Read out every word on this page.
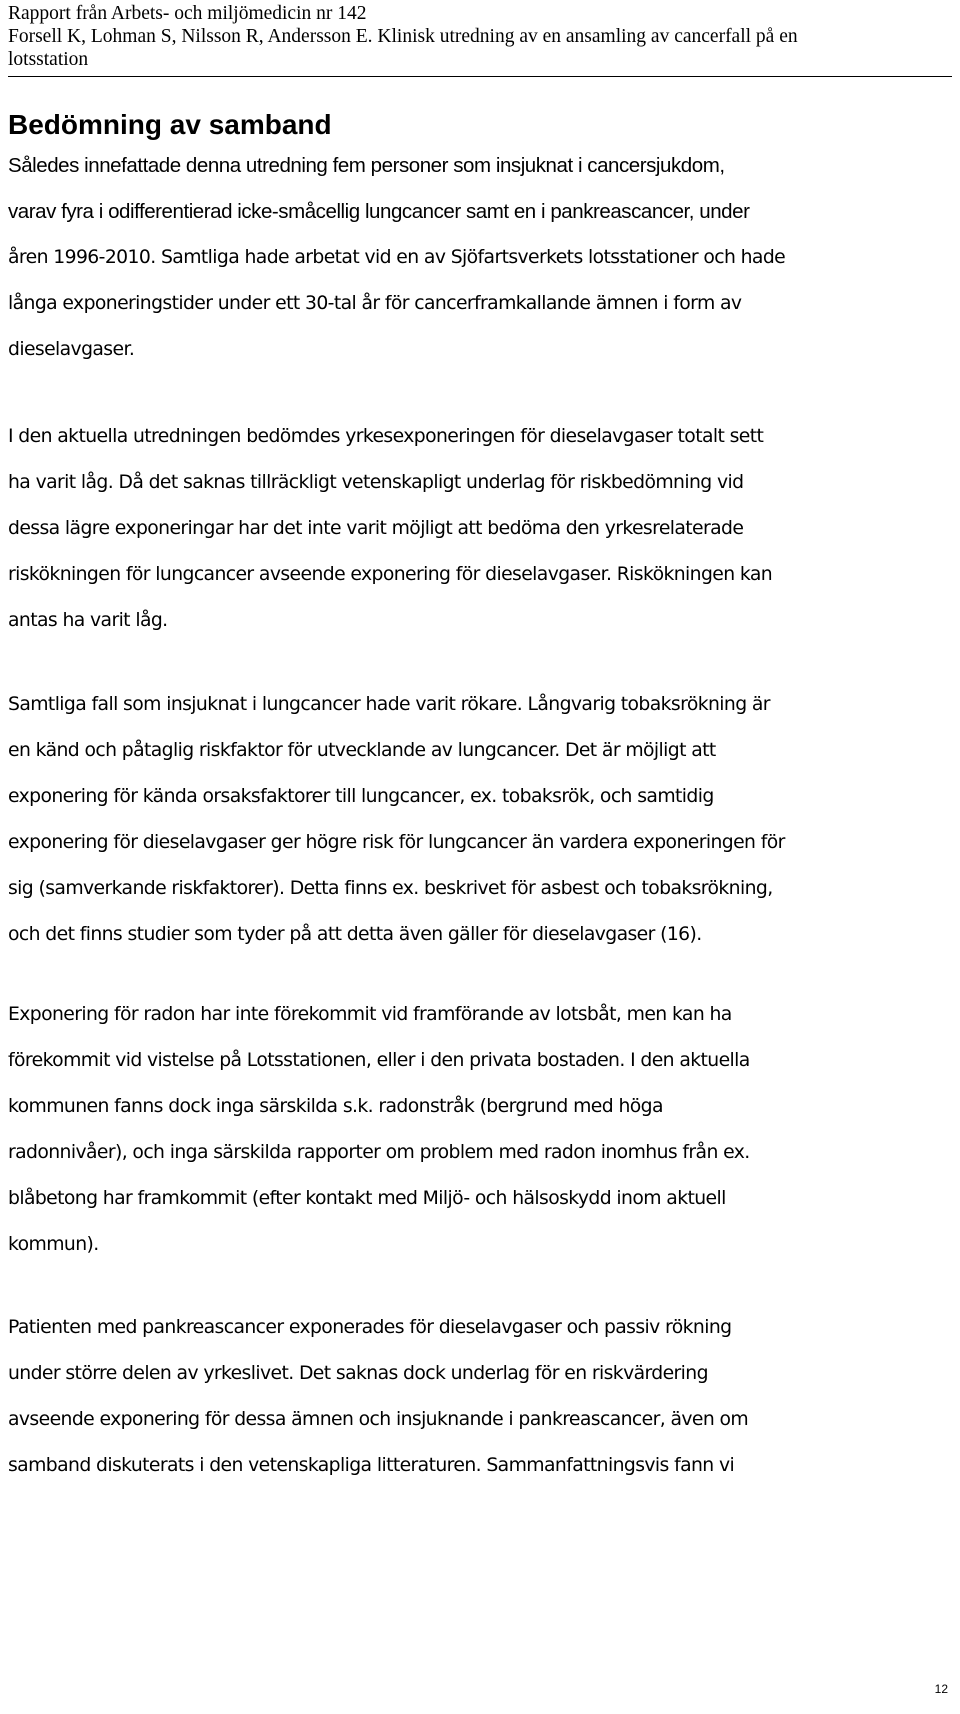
Rapport från Arbets- och miljömedicin nr 142
Forsell K, Lohman S, Nilsson R, Andersson E. Klinisk utredning av en ansamling av cancerfall på en
lotsstation
Bedömning av samband
Således innefattade denna utredning fem personer som insjuknat i cancersjukdom,
varav fyra i odifferentierad icke-småcellig lungcancer samt en i pankreascancer, under
åren 1996-2010. Samtliga hade arbetat vid en av Sjöfartsverkets lotsstationer och hade
långa exponeringstider under ett 30-tal år för cancerframkallande ämnen i form av
dieselavgaser.
I den aktuella utredningen bedömdes yrkesexponeringen för dieselavgaser totalt sett
ha varit låg. Då det saknas tillräckligt vetenskapligt underlag för riskbedömning vid
dessa lägre exponeringar har det inte varit möjligt att bedöma den yrkesrelaterade
riskökningen för lungcancer avseende exponering för dieselavgaser. Riskökningen kan
antas ha varit låg.
Samtliga fall som insjuknat i lungcancer hade varit rökare. Långvarig tobaksrökning är
en känd och påtaglig riskfaktor för utvecklande av lungcancer. Det är möjligt att
exponering för kända orsaksfaktorer till lungcancer, ex. tobaksrök, och samtidig
exponering för dieselavgaser ger högre risk för lungcancer än vardera exponeringen för
sig (samverkande riskfaktorer). Detta finns ex. beskrivet för asbest och tobaksrökning,
och det finns studier som tyder på att detta även gäller för dieselavgaser (16).
Exponering för radon har inte förekommit vid framförande av lotsbåt, men kan ha
förekommit vid vistelse på Lotsstationen, eller i den privata bostaden. I den aktuella
kommunen fanns dock inga särskilda s.k. radonstråk (bergrund med höga
radonnivåer), och inga särskilda rapporter om problem med radon inomhus från ex.
blåbetong har framkommit (efter kontakt med Miljö- och hälsoskydd inom aktuell
kommun).
Patienten med pankreascancer exponerades för dieselavgaser och passiv rökning
under större delen av yrkeslivet. Det saknas dock underlag för en riskvärdering
avseende exponering för dessa ämnen och insjuknande i pankreascancer, även om
samband diskuterats i den vetenskapliga litteraturen. Sammanfattningsvis fann vi
12
